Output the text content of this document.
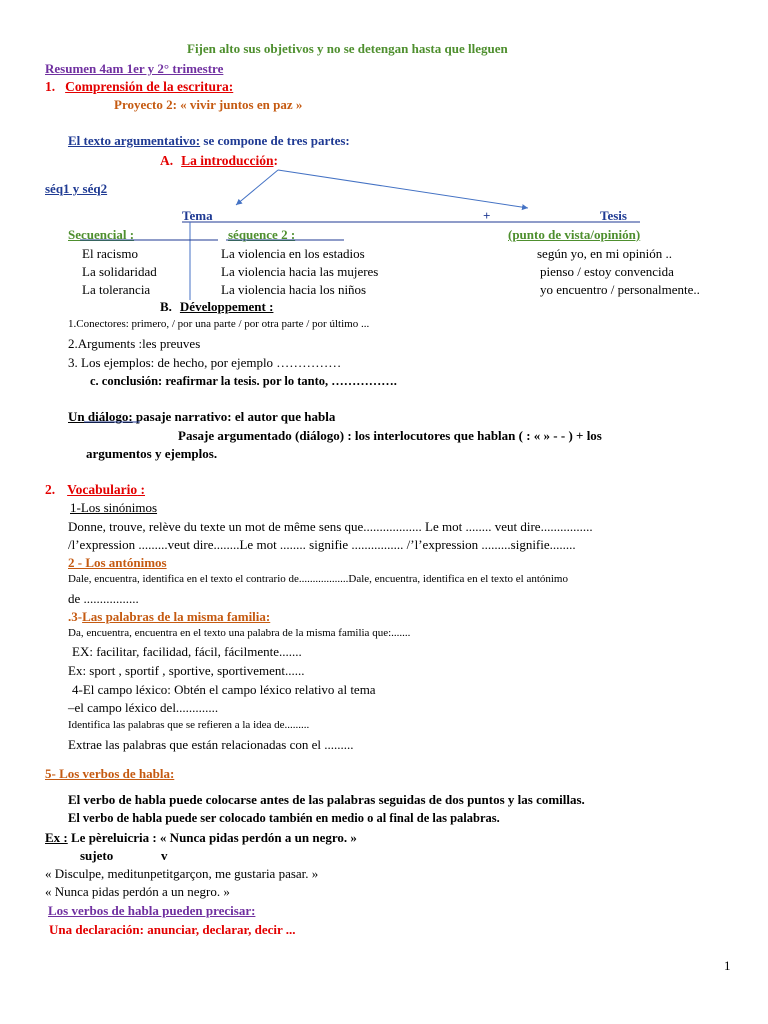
Fijen alto sus objetivos y no se detengan hasta que lleguen
Resumen 4am 1er y 2° trimestre
1. Comprensión de la escritura:
Proyecto 2: « vivir juntos en paz »
El texto argumentativo: se compone de tres partes:
A. La introducción:
séq1 y séq2
Tema	+	Tesis
Secuencial :	séquence 2 :	(punto de vista/opinión)
El racismo	La violencia en los estadios	según yo, en mi opinión ..
La solidaridad	La violencia hacia las mujeres	pienso / estoy convencida
La tolerancia	La violencia hacia los niños	yo encuentro / personalmente..
B. Développement :
1.Conectores: primero, / por una parte / por otra parte / por último ...
2.Arguments :les preuves
3. Los ejemplos: de hecho, por ejemplo ……………
c. conclusión: reafirmar la tesis. por lo tanto, …………….
Un diálogo: pasaje narrativo: el autor que habla
Pasaje argumentado (diálogo) : los interlocutores que hablan ( : « » - - ) + los
argumentos y ejemplos.
2. Vocabulario :
1-Los sinónimos
Donne, trouve, relève du texte un mot de même sens que.................. Le mot ........ veut dire................
/l’expression .........veut dire........Le mot ........ signifie ................ /’l’expression .........signifie........
2 - Los antónimos
Dale, encuentra, identifica en el texto el contrario de..................Dale, encuentra, identifica en el texto el antónimo
de .................
.3-Las palabras de la misma familia:
Da, encuentra, encuentra en el texto una palabra de la misma familia que:.......
EX: facilitar, facilidad, fácil, fácilmente.......
Ex: sport , sportif , sportive, sportivement......
4-El campo léxico: Obtén el campo léxico relativo al tema
–el campo léxico del.............
Identifica las palabras que se refieren a la idea de.........
Extrae las palabras que están relacionadas con el .........
5- Los verbos de habla:
El verbo de habla puede colocarse antes de las palabras seguidas de dos puntos y las comillas.
El verbo de habla puede ser colocado también en medio o al final de las palabras.
Ex : Le pèreluicria : « Nunca pidas perdón a un negro. »
sujeto	v
« Disculpe, meditunpetitgarçon, me gustaria pasar. »
« Nunca pidas perdón a un negro. »
Los verbos de habla pueden precisar:
Una declaración: anunciar, declarar, decir ...
1
